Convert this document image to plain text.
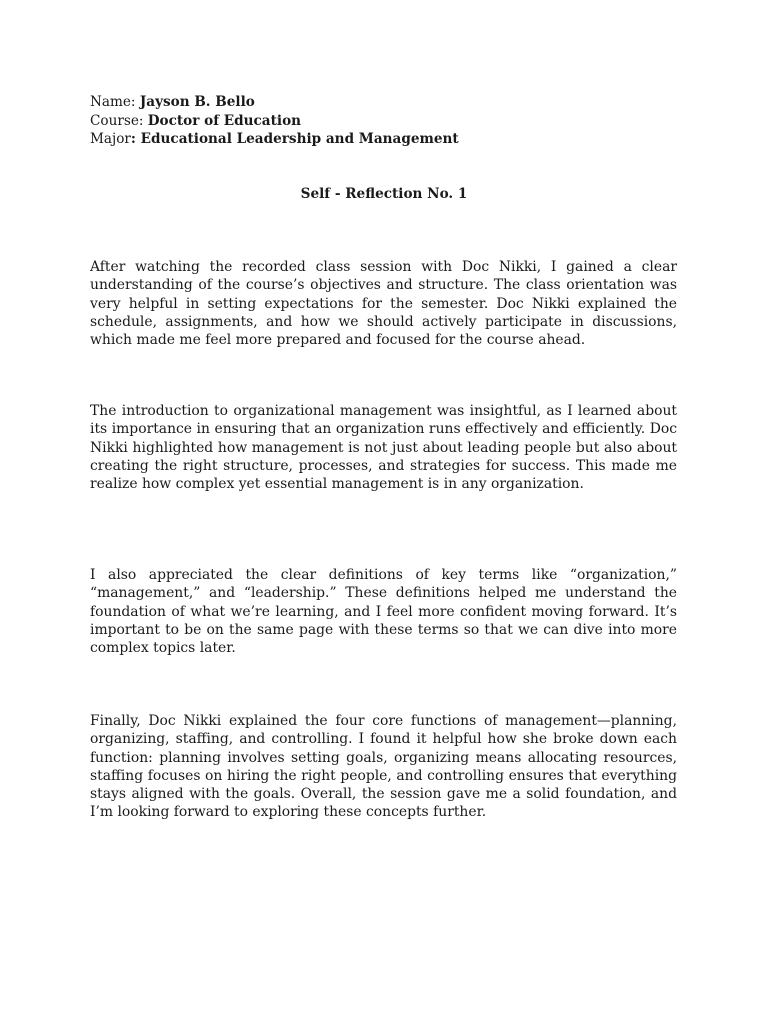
Name: Jayson B. Bello
Course: Doctor of Education
Major: Educational Leadership and Management
Self - Reflection No. 1

After watching the recorded class session with Doc Nikki, I gained a clear understanding of the course’s objectives and structure. The class orientation was very helpful in setting expectations for the semester. Doc Nikki explained the schedule, assignments, and how we should actively participate in discussions, which made me feel more prepared and focused for the course ahead.

The introduction to organizational management was insightful, as I learned about its importance in ensuring that an organization runs effectively and efficiently. Doc Nikki highlighted how management is not just about leading people but also about creating the right structure, processes, and strategies for success. This made me realize how complex yet essential management is in any organization.

I also appreciated the clear definitions of key terms like “organization,” “management,” and “leadership.” These definitions helped me understand the foundation of what we’re learning, and I feel more confident moving forward. It’s important to be on the same page with these terms so that we can dive into more complex topics later.

Finally, Doc Nikki explained the four core functions of management—planning, organizing, staffing, and controlling. I found it helpful how she broke down each function: planning involves setting goals, organizing means allocating resources, staffing focuses on hiring the right people, and controlling ensures that everything stays aligned with the goals. Overall, the session gave me a solid foundation, and I’m looking forward to exploring these concepts further.
